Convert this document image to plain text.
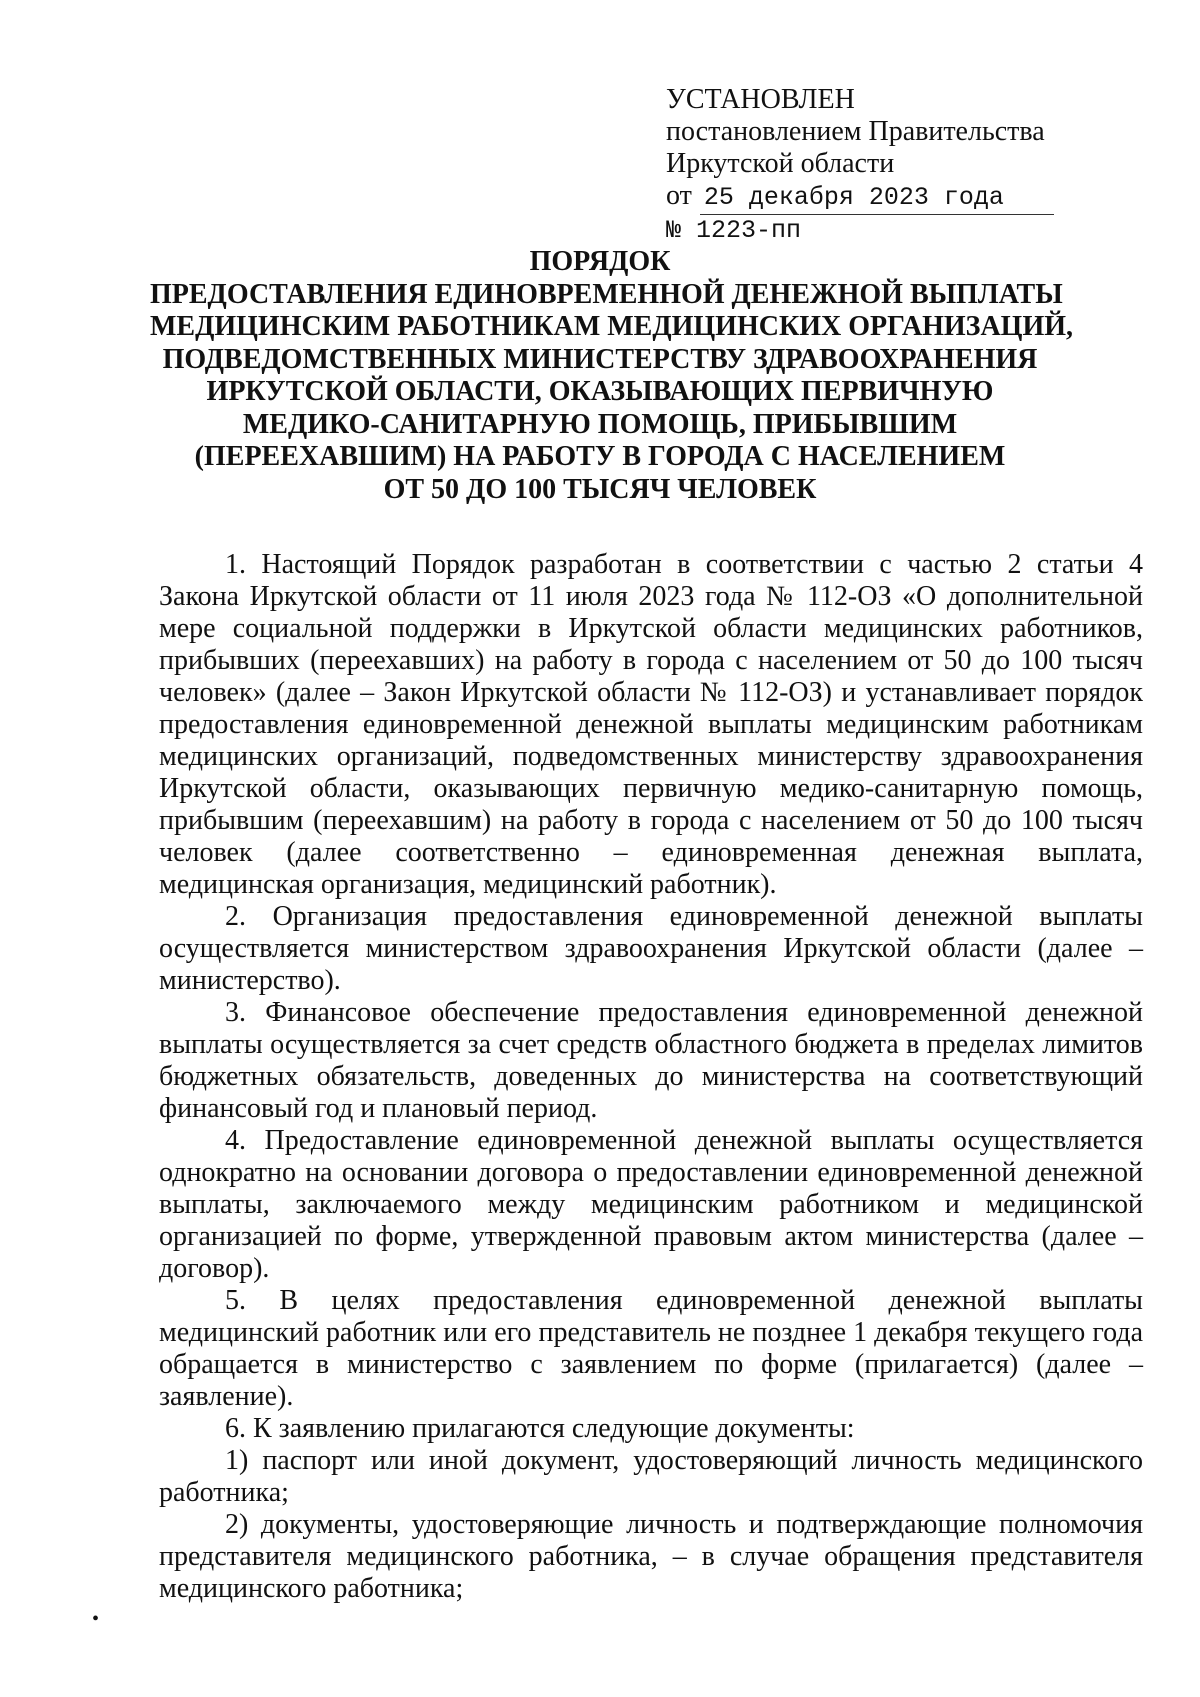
УСТАНОВЛЕН
постановлением Правительства
Иркутской области
от 25 декабря 2023 года
№ 1223-пп
ПОРЯДОК
ПРЕДОСТАВЛЕНИЯ ЕДИНОВРЕМЕННОЙ ДЕНЕЖНОЙ ВЫПЛАТЫ
МЕДИЦИНСКИМ РАБОТНИКАМ МЕДИЦИНСКИХ ОРГАНИЗАЦИЙ,
ПОДВЕДОМСТВЕННЫХ МИНИСТЕРСТВУ ЗДРАВООХРАНЕНИЯ
ИРКУТСКОЙ ОБЛАСТИ, ОКАЗЫВАЮЩИХ ПЕРВИЧНУЮ
МЕДИКО-САНИТАРНУЮ ПОМОЩЬ, ПРИБЫВШИМ
(ПЕРЕЕХАВШИМ) НА РАБОТУ В ГОРОДА С НАСЕЛЕНИЕМ
ОТ 50 ДО 100 ТЫСЯЧ ЧЕЛОВЕК

1. Настоящий Порядок разработан в соответствии с частью 2 статьи 4 Закона Иркутской области от 11 июля 2023 года № 112-ОЗ «О дополнительной мере социальной поддержки в Иркутской области медицинских работников, прибывших (переехавших) на работу в города с населением от 50 до 100 тысяч человек» (далее – Закон Иркутской области № 112-ОЗ) и устанавливает порядок предоставления единовременной денежной выплаты медицинским работникам медицинских организаций, подведомственных министерству здравоохранения Иркутской области, оказывающих первичную медико-санитарную помощь, прибывшим (переехавшим) на работу в города с населением от 50 до 100 тысяч человек (далее соответственно – единовременная денежная выплата, медицинская организация, медицинский работник).

2. Организация предоставления единовременной денежной выплаты осуществляется министерством здравоохранения Иркутской области (далее – министерство).

3. Финансовое обеспечение предоставления единовременной денежной выплаты осуществляется за счет средств областного бюджета в пределах лимитов бюджетных обязательств, доведенных до министерства на соответствующий финансовый год и плановый период.

4. Предоставление единовременной денежной выплаты осуществляется однократно на основании договора о предоставлении единовременной денежной выплаты, заключаемого между медицинским работником и медицинской организацией по форме, утвержденной правовым актом министерства (далее – договор).

5. В целях предоставления единовременной денежной выплаты медицинский работник или его представитель не позднее 1 декабря текущего года обращается в министерство с заявлением по форме (прилагается) (далее – заявление).

6. К заявлению прилагаются следующие документы:

1) паспорт или иной документ, удостоверяющий личность медицинского работника;

2) документы, удостоверяющие личность и подтверждающие полномочия представителя медицинского работника, – в случае обращения представителя медицинского работника;

•
